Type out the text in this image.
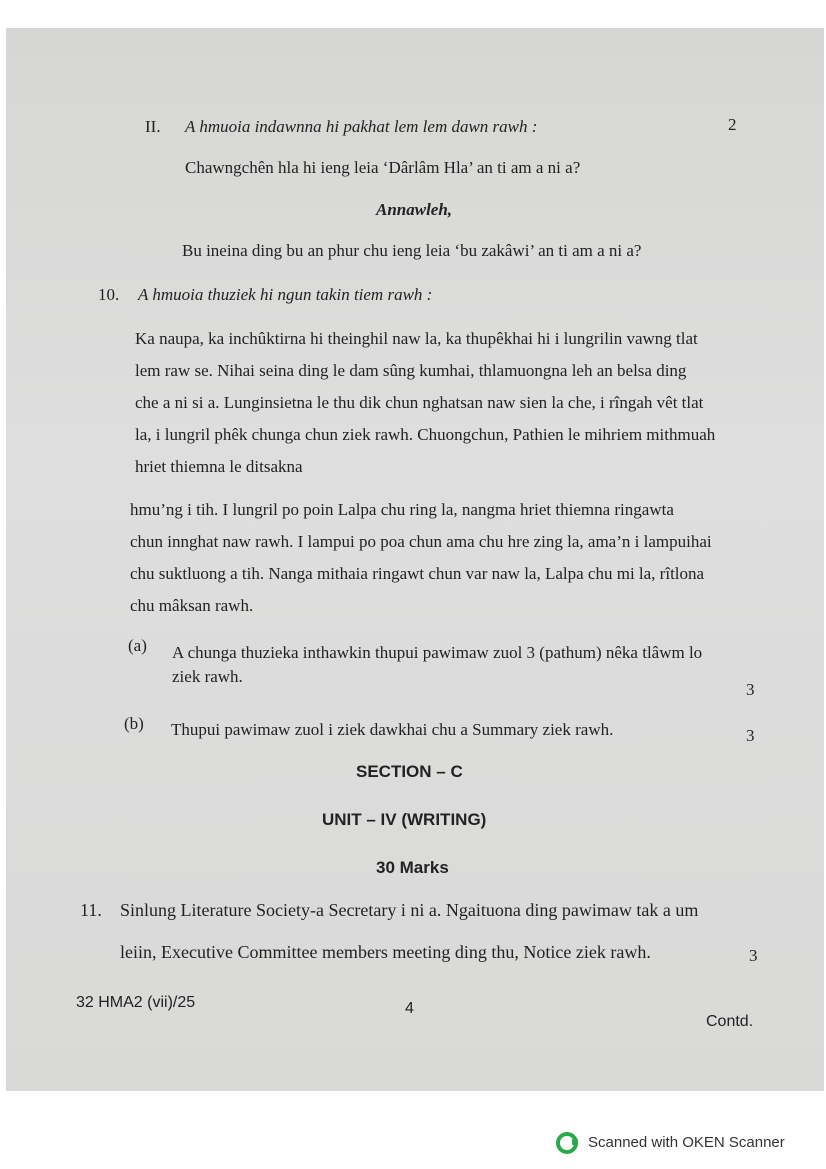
II. A hmuoia indawnna hi pakhat lem lem dawn rawh :	2
Chawngchên hla hi ieng leia ‘Dârlâm Hla’ an ti am a ni a?
Annawleh,
Bu ineina ding bu an phur chu ieng leia ‘bu zakâwi’ an ti am a ni a?
10. A hmuoia thuziek hi ngun takin tiem rawh :
Ka naupa, ka inchûktirna hi theinghil naw la, ka thupêkhai hi i lungrilin vawng tlat
lem raw se. Nihai seina ding le dam sûng kumhai, thlamuongna leh an belsa ding
che a ni si a. Lunginsietna le thu dik chun nghatsan naw sien la che, i rîngah vêt tlat
la, i lungril phêk chunga chun ziek rawh. Chuongchun, Pathien le mihriem mithmuah
hriet thiemna le ditsakna
hmu’ng i tih. I lungril po poin Lalpa chu ring la, nangma hriet thiemna ringawta
chun innghat naw rawh. I lampui po poa chun ama chu hre zing la, ama’n i lampuihai
chu suktluong a tih. Nanga mithaia ringawt chun var naw la, Lalpa chu mi la, rîtlona
chu mâksan rawh.
(a) A chunga thuzieka inthawkin thupui pawimaw zuol 3 (pathum) nêka tlâwm lo
ziek rawh.
3
(b) Thupui pawimaw zuol i ziek dawkhai chu a Summary ziek rawh.	3
SECTION – C
UNIT – IV (WRITING)
30 Marks
11. Sinlung Literature Society-a Secretary i ni a. Ngaituona ding pawimaw tak a um
leiin, Executive Committee members meeting ding thu, Notice ziek rawh.	3
32 HMA2 (vii)/25	4
Contd.
Scanned with OKEN Scanner
